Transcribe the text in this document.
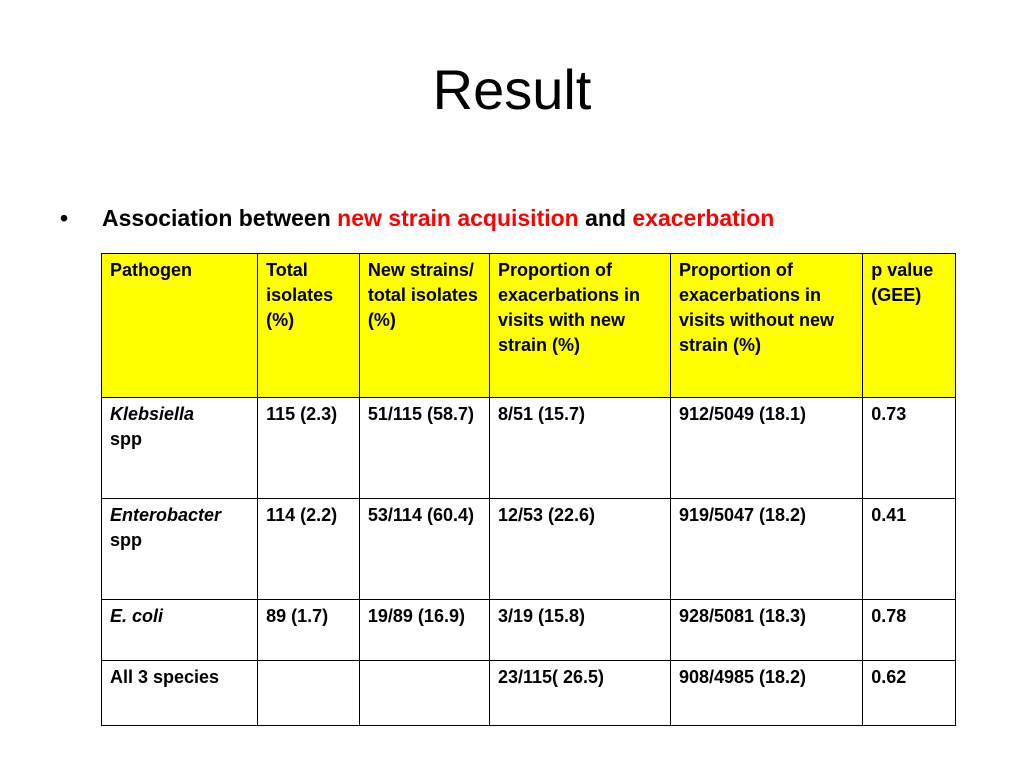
Result
• Association between new strain acquisition and exacerbation
Pathogen	Total isolates (%)	New strains/ total isolates (%)	Proportion of exacerbations in visits with new strain (%)	Proportion of exacerbations in visits without new strain (%)	p value (GEE)
Klebsiella
spp	115 (2.3)	51/115 (58.7)	8/51 (15.7)	912/5049 (18.1)	0.73
Enterobacter
spp	114 (2.2)	53/114 (60.4)	12/53 (22.6)	919/5047 (18.2)	0.41
E. coli	89 (1.7)	19/89 (16.9)	3/19 (15.8)	928/5081 (18.3)	0.78
All 3 species			23/115( 26.5)	908/4985 (18.2)	0.62
